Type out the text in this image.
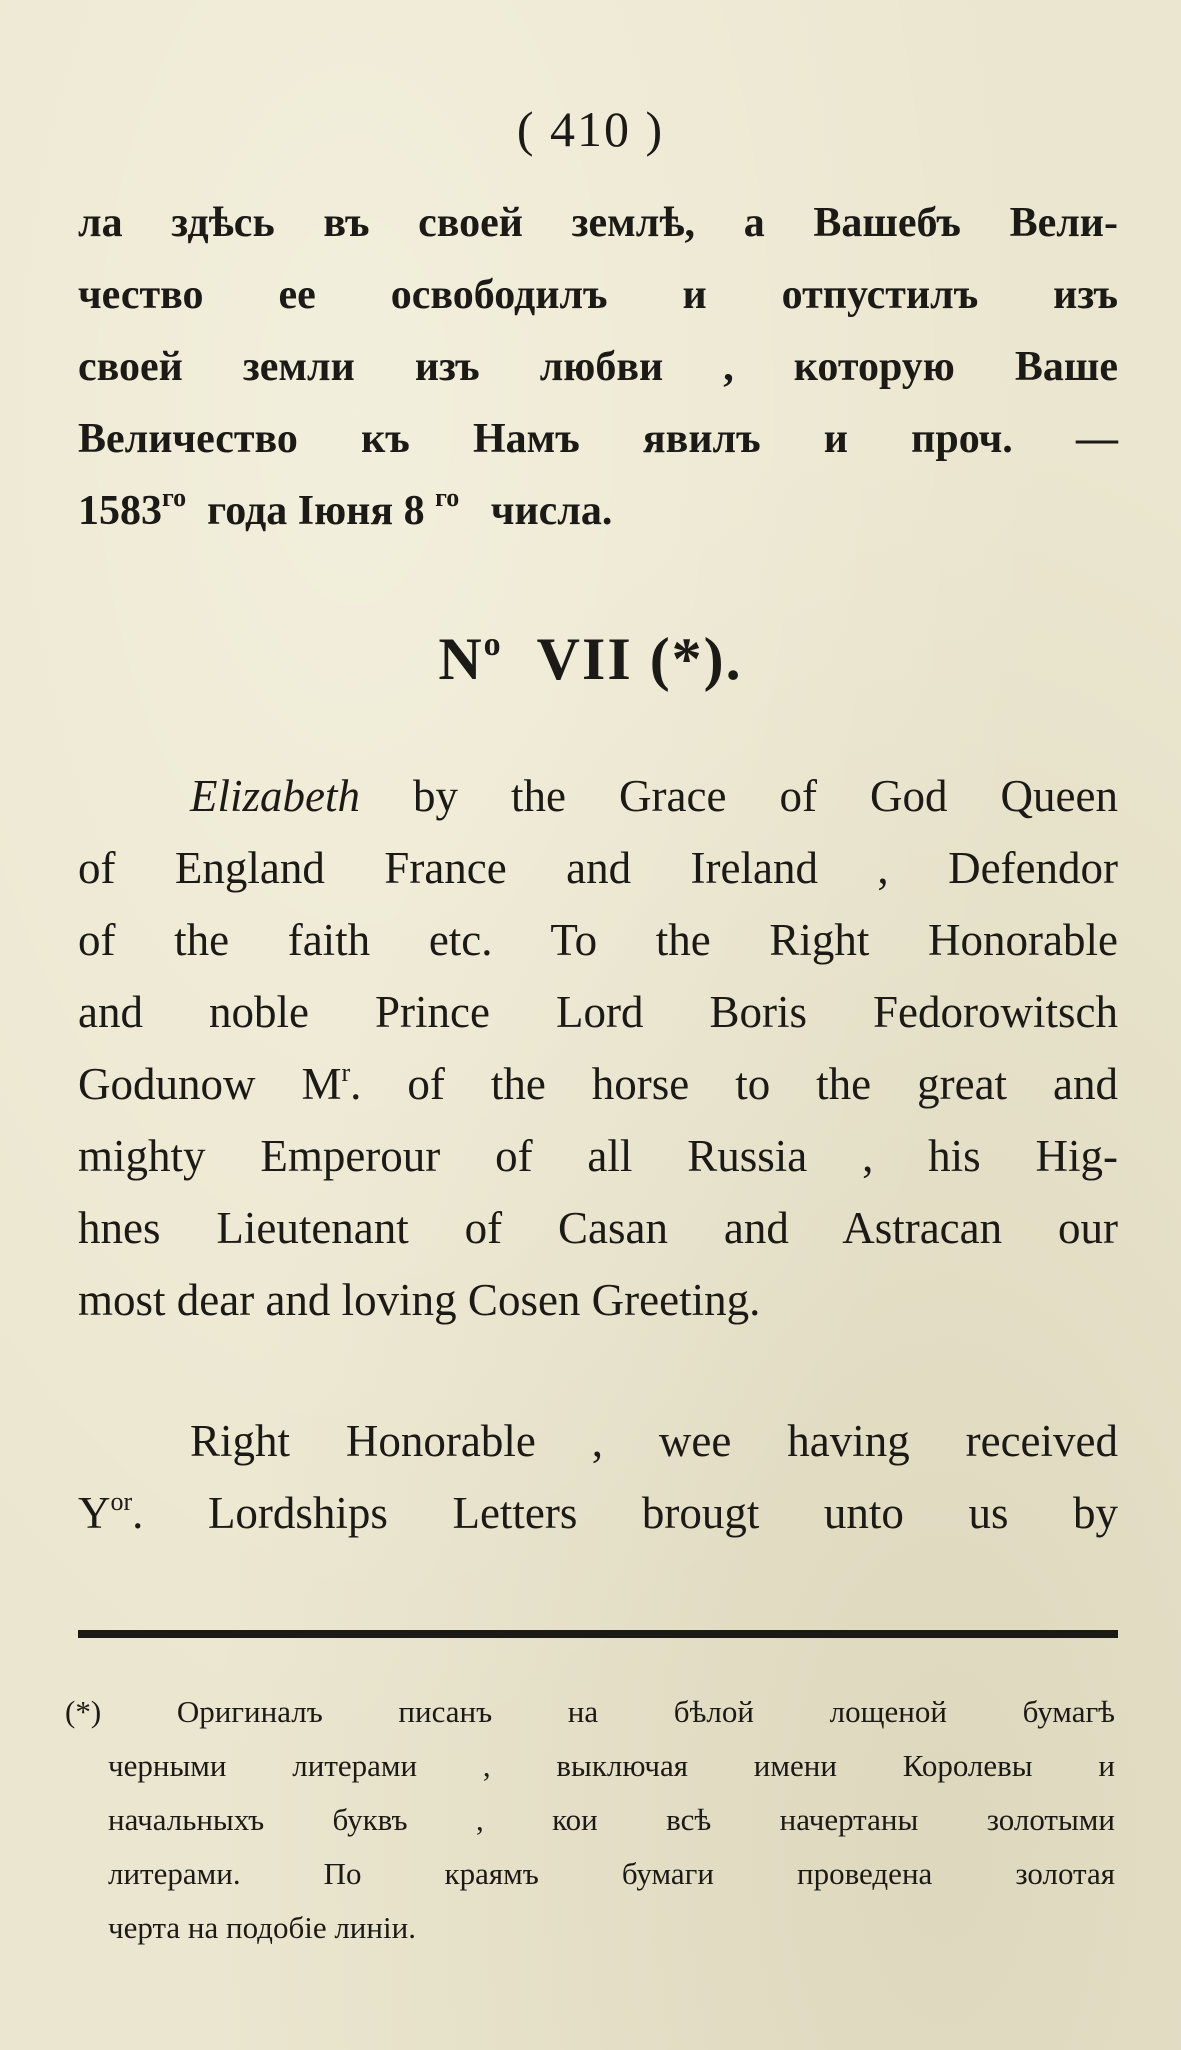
( 410 )
ла здѣсь въ своей землѣ, а Вашебъ Вели-
чество ее освободилъ и отпустилъ изъ
своей земли изъ любви , которую Ваше
Величество къ Намъ явилъ и проч. —
$1583^{го}$ года Іюня 8 $^{го}$ числа.
$N^o$ VII (*).
Elizabeth by the Grace of God Queen
of England France and Ireland , Defendor
of the faith etc. To the Right Honorable
and noble Prince Lord Boris Fedorowitsch
Godunow $M^r$. of the horse to the great and
mighty Emperour of all Russia , his Hig-
hnes Lieutenant of Casan and Astracan our
most dear and loving Cosen Greeting.
Right Honorable , wee having received
$Y^{or}$. Lordships Letters brougt unto us by
(*) Оригиналъ писанъ на бѣлой лощеной бумагѣ
черными литерами , выключая имени Королевы и
начальныхъ буквъ , кои всѣ начертаны золотыми
литерами. По краямъ бумаги проведена золотая
черта на подобіе линіи.
